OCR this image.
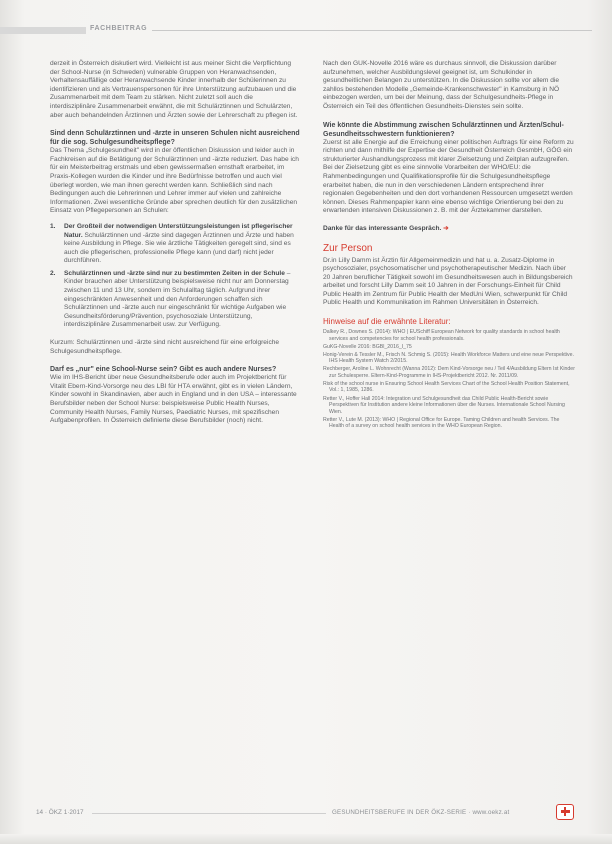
FACHBEITRAG

derzeit in Österreich diskutiert wird. Vielleicht ist aus meiner Sicht die Verpflichtung der School-Nurse (in Schweden) vulnerable Gruppen von Heranwachsenden, Verhaltensauffällige oder Heranwachsende Kinder innerhalb der Schülerinnen zu identifizieren und als Vertrauenspersonen für ihre Unterstützung aufzubauen und die Zusammenarbeit mit dem Team zu stärken. Nicht zuletzt soll auch die interdisziplinäre Zusammenarbeit erwähnt, die mit Schulärztinnen und Schulärzten, aber auch behandelnden Ärztinnen und Ärzten sowie der Lehrerschaft zu pflegen ist.

Sind denn Schulärztinnen und -ärzte in unseren Schulen nicht ausreichend für die sog. Schulgesundheitspflege?

Das Thema „Schulgesundheit" wird in der öffentlichen Diskussion und leider auch in Fachkreisen auf die Betätigung der Schulärztinnen und -ärzte reduziert. Das habe ich für ein Meisterbeitrag erstmals und eben gewissermaßen ernsthaft erarbeitet, im Praxis-Kollegen wurden die Kinder und ihre Bedürfnisse betroffen und auch viel überlegt worden, wie man ihnen gerecht werden kann. Schließlich sind nach Bedingungen auch die Lehrerinnen und Lehrer immer auf vielen und zahlreiche Informationen. Zwei wesentliche Gründe aber sprechen deutlich für den zusätzlichen Einsatz von Pflegepersonen an Schulen:

1. Der Großteil der notwendigen Unterstützungsleistungen ist pflegerischer Natur. Schulärztinnen und -ärzte sind dagegen Ärztinnen und Ärzte und haben keine Ausbildung in Pflege. Sie wie ärztliche Tätigkeiten geregelt sind, sind es auch die pflegerischen, professionelle Pflege kann (und darf) nicht jeder durchführen.
2. Schulärztinnen und -ärzte sind nur zu bestimmten Zeiten in der Schule – Kinder brauchen aber Unterstützung beispielsweise nicht nur am Donnerstag zwischen 11 und 13 Uhr, sondern im Schulalltag täglich. Aufgrund ihrer eingeschränkten Anwesenheit und den Anforderungen schaffen sich Schulärztinnen und -ärzte auch nur eingeschränkt für wichtige Aufgaben wie Gesundheitsförderung/Prävention, psychosoziale Unterstützung, interdisziplinäre Zusammenarbeit usw. zur Verfügung.

Kurzum: Schulärztinnen und -ärzte sind nicht ausreichend für eine erfolgreiche Schulgesundheitspflege.

Darf es „nur" eine School-Nurse sein? Gibt es auch andere Nurses?

Wie im IHS-Bericht über neue Gesundheitsberufe oder auch im Projektbericht für Vitalit Ebern-Kind-Vorsorge neu des LBI für HTA erwähnt, gibt es in vielen Ländern, Kinder sowohl in Skandinavien, aber auch in England und in den USA – interessante Berufsbilder neben der School Nurse: beispielsweise Public Health Nurses, Community Health Nurses, Family Nurses, Paediatric Nurses, mit spezifischen Aufgabenprofilen. In Österreich definierte diese Berufsbilder (noch) nicht.

Nach den GUK-Novelle 2016 wäre es durchaus sinnvoll, die Diskussion darüber aufzunehmen, welcher Ausbildungslevel geeignet ist, um Schulkinder in gesundheitlichen Belangen zu unterstützen. In die Diskussion sollte vor allem die zahllos bestehenden Modelle „Gemeinde-Krankenschwester" in Kamsburg in NÖ einbezogen werden, um bei der Meinung, dass der Schulgesundheits-Pflege in Österreich ein Teil des öffentlichen Gesundheits-Dienstes sein sollte.

Wie könnte die Abstimmung zwischen Schulärztinnen und Ärzten/Schul-Gesundheitsschwestern funktionieren?

Zuerst ist alle Energie auf die Erreichung einer politischen Auftrags für eine Reform zu richten und dann mithilfe der Expertise der Gesundheit Österreich GesmbH, GÖG ein strukturierter Aushandlungsprozess mit klarer Zielsetzung und Zeitplan aufzugreifen. Bei der Zielsetzung gibt es eine sinnvolle Vorarbeiten der WHO/EU: die Rahmenbedingungen und Qualifikationsprofile für die Schulgesundheitspflege erarbeitet haben, die nun in den verschiedenen Ländern entsprechend ihrer regionalen Gegebenheiten und den dort vorhandenen Ressourcen umgesetzt werden können. Dieses Rahmenpapier kann eine ebenso wichtige Orientierung bei den zu erwartenden intensiven Diskussionen z. B. mit der Ärztekammer darstellen.

Danke für das interessante Gespräch. ➔

Zur Person

Dr.in Lilly Damm ist Ärztin für Allgemeinmedizin und hat u. a. Zusatz-Diplome in psychosozialer, psychosomatischer und psychotherapeutischer Medizin. Nach über 20 Jahren beruflicher Tätigkeit sowohl im Gesundheitswesen auch in Bildungsbereich arbeitet und forscht Lilly Damm seit 10 Jahren in der Forschungs-Einheit für Child Public Health im Zentrum für Public Health der MedUni Wien, schwerpunkt für Child Public Health und Kommunikation im Rahmen Universitäten in Österreich.

Hinweise auf die erwähnte Literatur:
Dalkey R., Downes S. (2014): WHO | EUSchiff European Network for quality standards in school health services and competencies for school health professionals.
GuKG-Novelle 2016: BGBl_2016_I_75
Honig-Verein & Tessler M., Frisch N. Schmig S. (2015): Health Workforce Matters und eine neue Perspektive. IHS Health System Watch 2/2015.
Rechberger, Aroline L. Wohnrecht (Wanna 2012): Dem Kind-Vorsorge neu / Teil 4/Ausbildung Eltern Ist Kinder zur Schulesperre. Eltern-Kind-Programme in IHS-Projektbericht 2012. Nr. 2011/09.
Risk of the school nurse in Ensuring School Health Services Chart of the School Health Position Statement, Vol.: 1, 1985, 1286.
Retter V., Hoffer Hall 2014: Integration und Schulgesundheit das Child Public Health-Bericht sowie Perspektiven für Institution andere kleine Informationen über die Nurses. Internationale School Nursing Wien.
Retter V., Lute M. (2013): WHO | Regional Office for Europe. Taming Children and health Services. The Health of a survey on school health services in the WHO European Region.
14 · ÖKZ 1·2017	GESUNDHEITSBERUFE IN DER ÖKZ-SERIE · www.oekz.at
